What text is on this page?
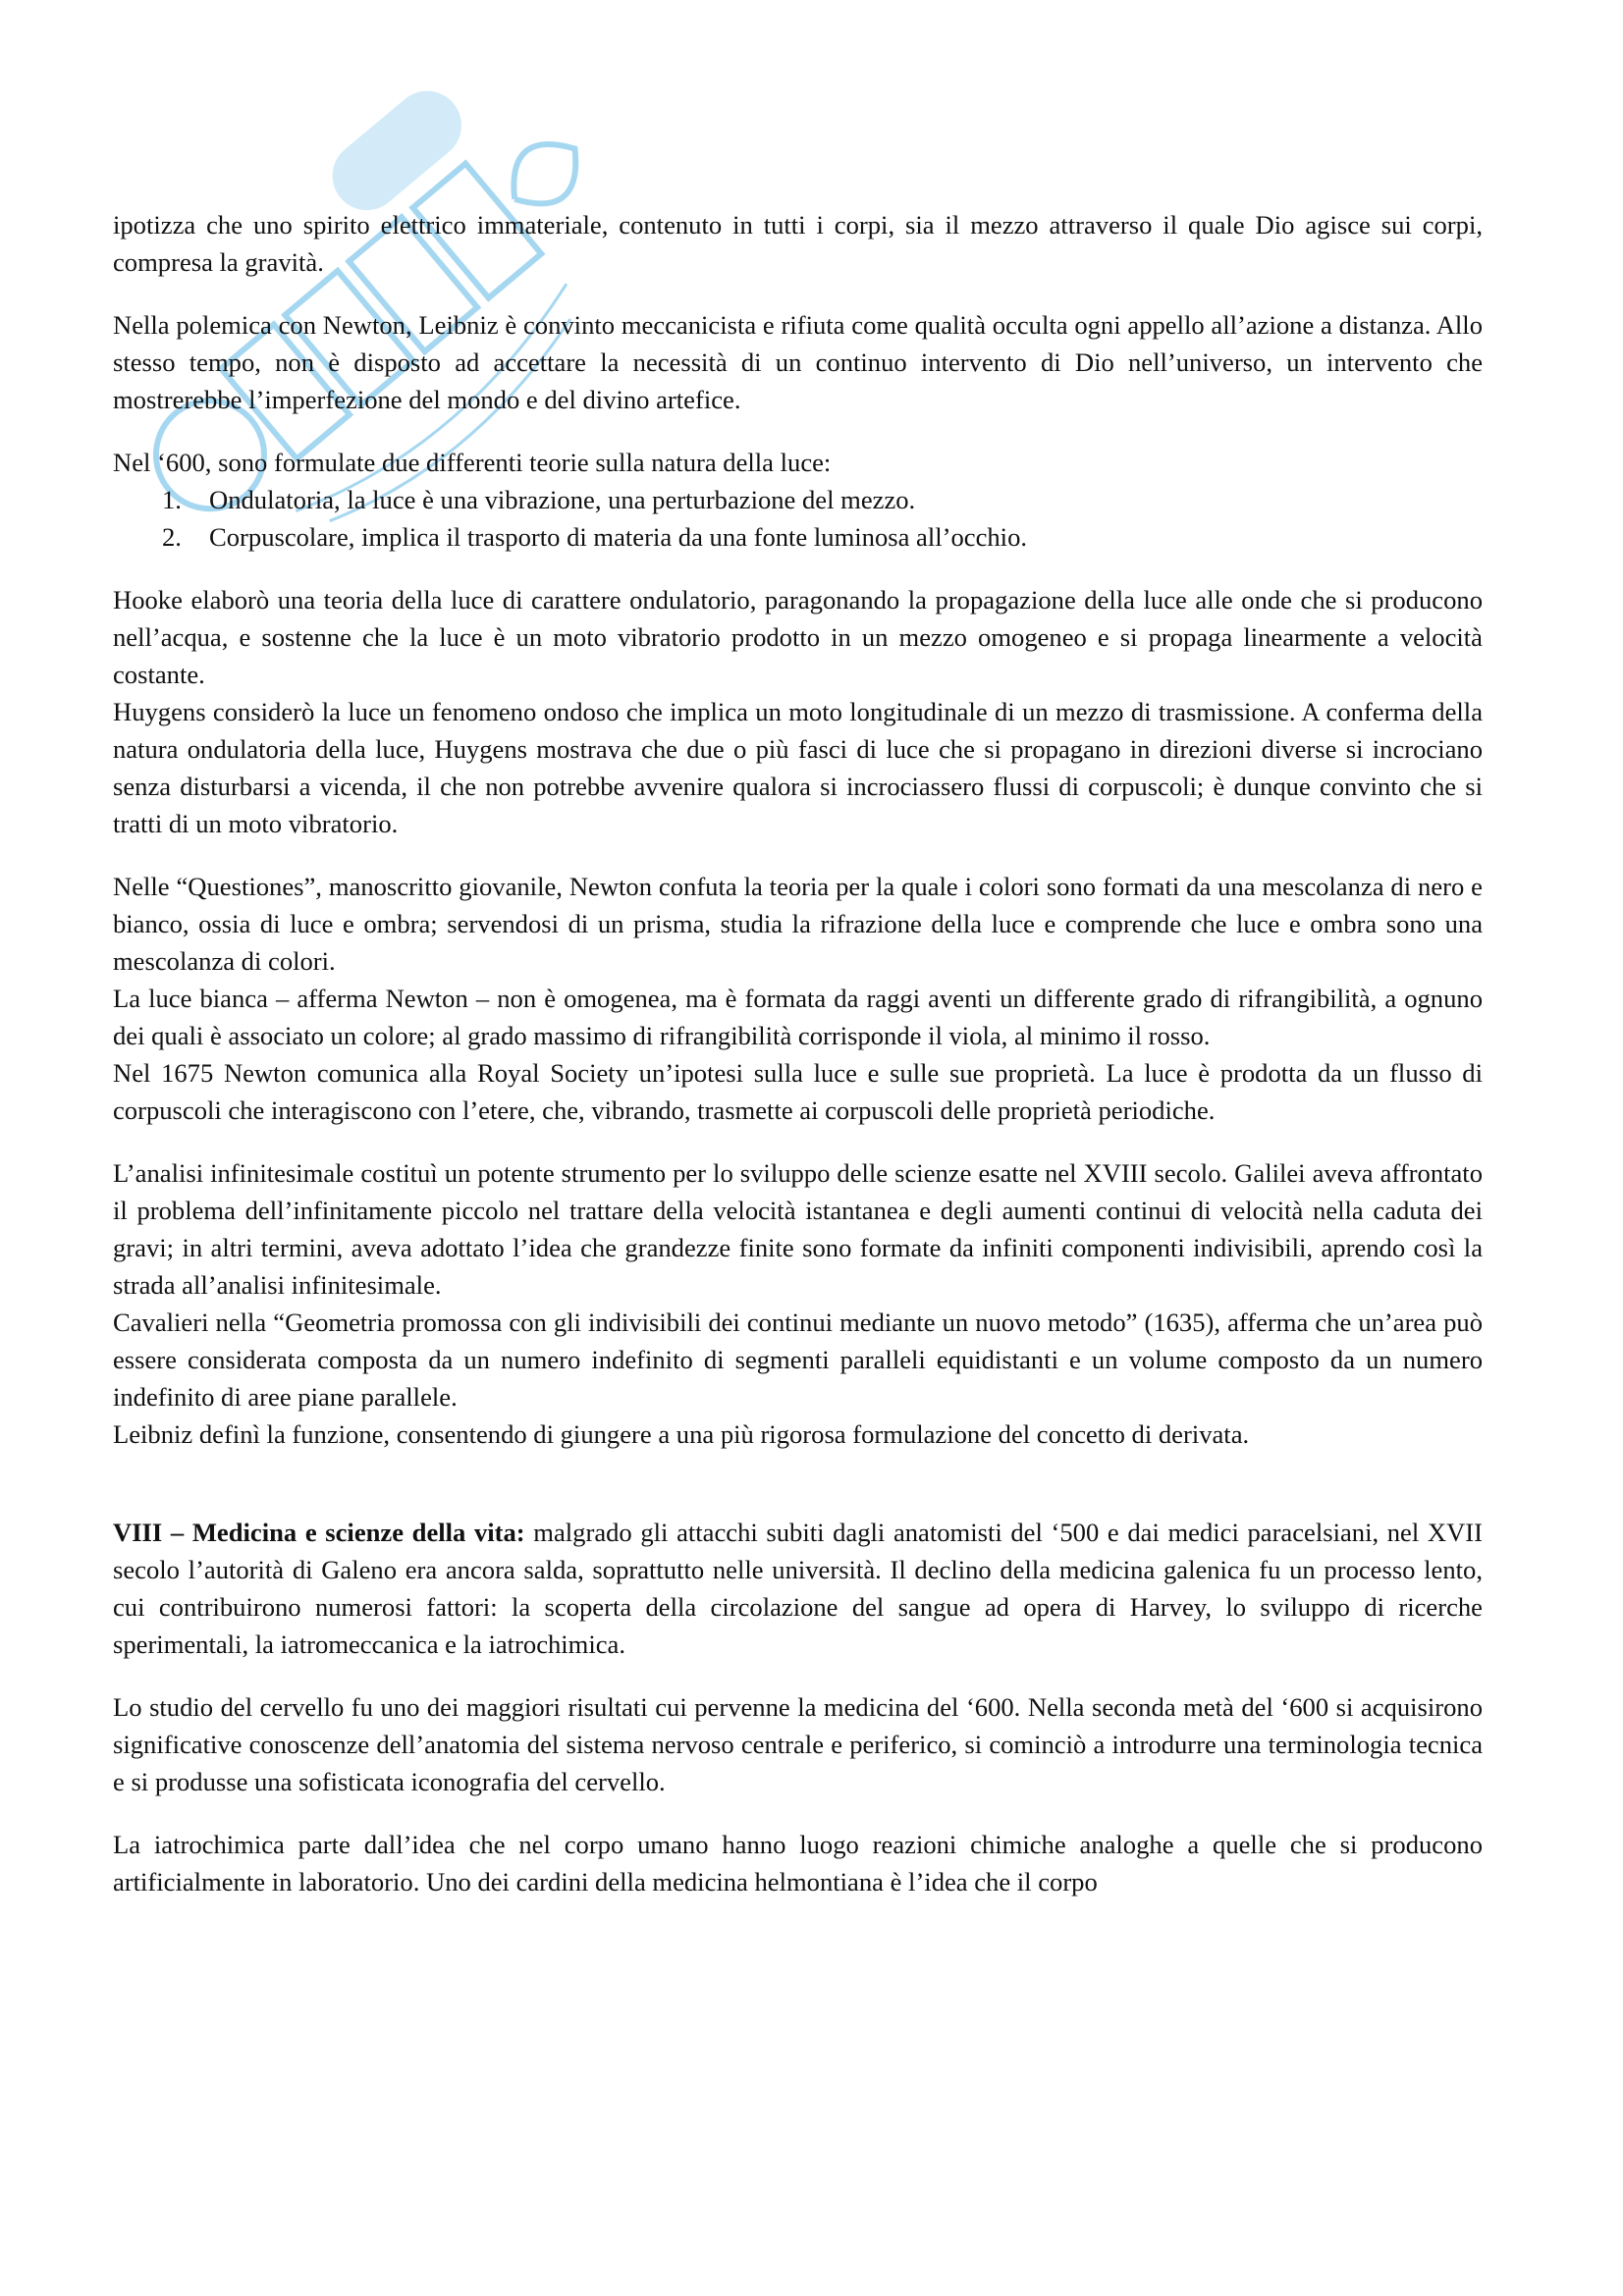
ipotizza che uno spirito elettrico immateriale, contenuto in tutti i corpi, sia il mezzo attraverso il quale Dio agisce sui corpi, compresa la gravità.

Nella polemica con Newton, Leibniz è convinto meccanicista e rifiuta come qualità occulta ogni appello all’azione a distanza. Allo stesso tempo, non è disposto ad accettare la necessità di un continuo intervento di Dio nell’universo, un intervento che mostrerebbe l’imperfezione del mondo e del divino artefice.

Nel ‘600, sono formulate due differenti teorie sulla natura della luce:

1. Ondulatoria, la luce è una vibrazione, una perturbazione del mezzo.
2. Corpuscolare, implica il trasporto di materia da una fonte luminosa all’occhio.

Hooke elaborò una teoria della luce di carattere ondulatorio, paragonando la propagazione della luce alle onde che si producono nell’acqua, e sostenne che la luce è un moto vibratorio prodotto in un mezzo omogeneo e si propaga linearmente a velocità costante.

Huygens considerò la luce un fenomeno ondoso che implica un moto longitudinale di un mezzo di trasmissione. A conferma della natura ondulatoria della luce, Huygens mostrava che due o più fasci di luce che si propagano in direzioni diverse si incrociano senza disturbarsi a vicenda, il che non potrebbe avvenire qualora si incrociassero flussi di corpuscoli; è dunque convinto che si tratti di un moto vibratorio.

Nelle “Questiones”, manoscritto giovanile, Newton confuta la teoria per la quale i colori sono formati da una mescolanza di nero e bianco, ossia di luce e ombra; servendosi di un prisma, studia la rifrazione della luce e comprende che luce e ombra sono una mescolanza di colori.

La luce bianca – afferma Newton – non è omogenea, ma è formata da raggi aventi un differente grado di rifrangibilità, a ognuno dei quali è associato un colore; al grado massimo di rifrangibilità corrisponde il viola, al minimo il rosso.

Nel 1675 Newton comunica alla Royal Society un’ipotesi sulla luce e sulle sue proprietà. La luce è prodotta da un flusso di corpuscoli che interagiscono con l’etere, che, vibrando, trasmette ai corpuscoli delle proprietà periodiche.

L’analisi infinitesimale costituì un potente strumento per lo sviluppo delle scienze esatte nel XVIII secolo. Galilei aveva affrontato il problema dell’infinitamente piccolo nel trattare della velocità istantanea e degli aumenti continui di velocità nella caduta dei gravi; in altri termini, aveva adottato l’idea che grandezze finite sono formate da infiniti componenti indivisibili, aprendo così la strada all’analisi infinitesimale.

Cavalieri nella “Geometria promossa con gli indivisibili dei continui mediante un nuovo metodo” (1635), afferma che un’area può essere considerata composta da un numero indefinito di segmenti paralleli equidistanti e un volume composto da un numero indefinito di aree piane parallele.

Leibniz definì la funzione, consentendo di giungere a una più rigorosa formulazione del concetto di derivata.

VIII – Medicina e scienze della vita: malgrado gli attacchi subiti dagli anatomisti del ‘500 e dai medici paracelsiani, nel XVII secolo l’autorità di Galeno era ancora salda, soprattutto nelle università. Il declino della medicina galenica fu un processo lento, cui contribuirono numerosi fattori: la scoperta della circolazione del sangue ad opera di Harvey, lo sviluppo di ricerche sperimentali, la iatromeccanica e la iatrochimica.

Lo studio del cervello fu uno dei maggiori risultati cui pervenne la medicina del ‘600. Nella seconda metà del ‘600 si acquisirono significative conoscenze dell’anatomia del sistema nervoso centrale e periferico, si cominciò a introdurre una terminologia tecnica e si produsse una sofisticata iconografia del cervello.

La iatrochimica parte dall’idea che nel corpo umano hanno luogo reazioni chimiche analoghe a quelle che si producono artificialmente in laboratorio. Uno dei cardini della medicina helmontiana è l’idea che il corpo
